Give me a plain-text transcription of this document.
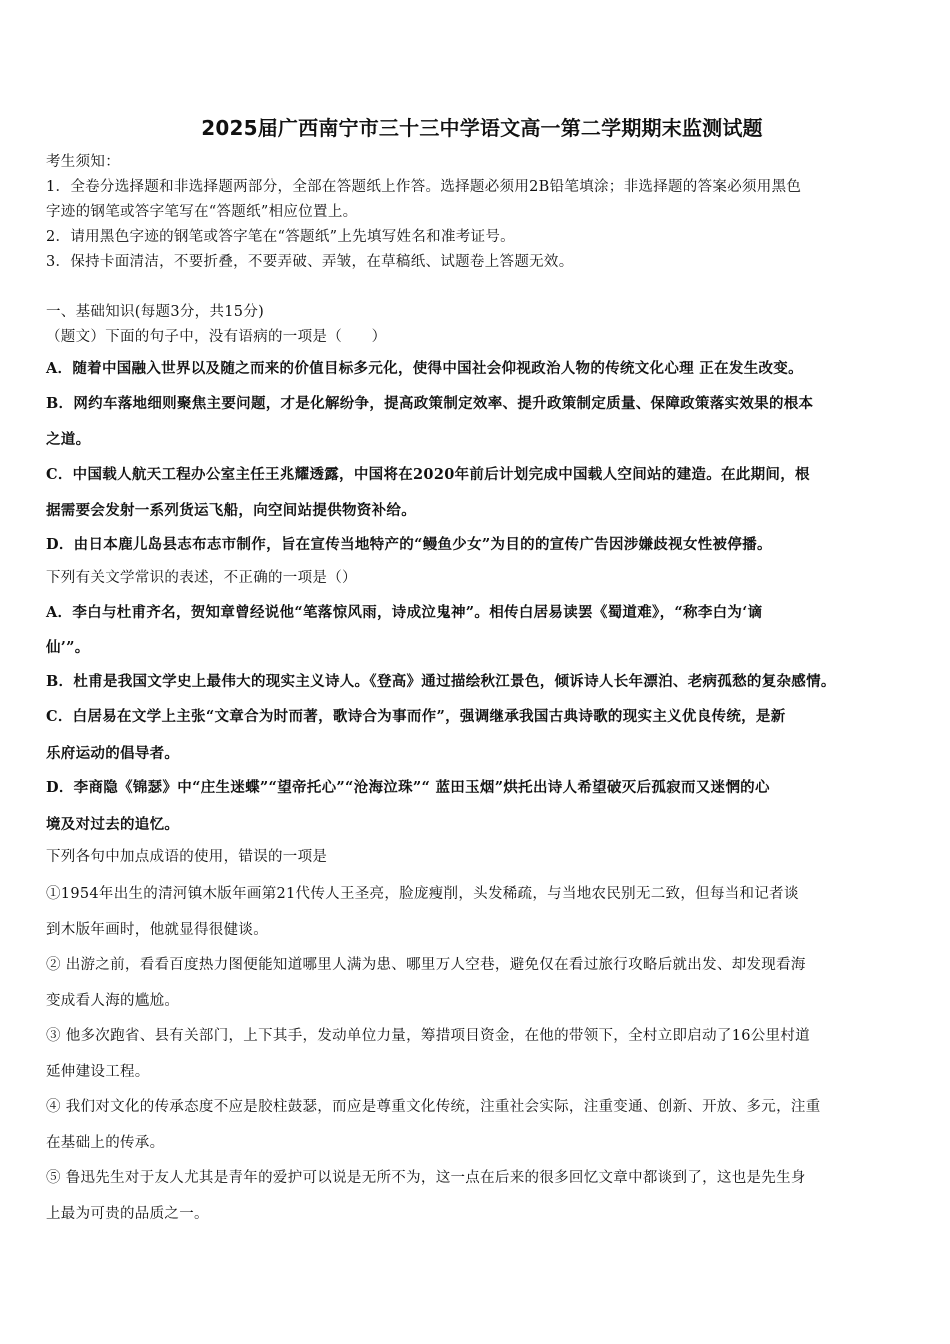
2025届广西南宁市三十三中学语文高一第二学期期末监测试题
考生须知：
1．全卷分选择题和非选择题两部分，全部在答题纸上作答。选择题必须用2B铅笔填涂；非选择题的答案必须用黑色
字迹的钢笔或答字笔写在“答题纸”相应位置上。
2．请用黑色字迹的钢笔或答字笔在“答题纸”上先填写姓名和准考证号。
3．保持卡面清洁，不要折叠，不要弄破、弄皱，在草稿纸、试题卷上答题无效。
一、基础知识(每题3分，共15分)
（题文）下面的句子中，没有语病的一项是（　　）
A．随着中国融入世界以及随之而来的价值目标多元化，使得中国社会仰视政治人物的传统文化心理 正在发生改变。
B．网约车落地细则聚焦主要问题，才是化解纷争，提高政策制定效率、提升政策制定质量、保障政策落实效果的根本
之道。
C．中国载人航天工程办公室主任王兆耀透露，中国将在2020年前后计划完成中国载人空间站的建造。在此期间，根
据需要会发射一系列货运飞船，向空间站提供物资补给。
D．由日本鹿儿岛县志布志市制作，旨在宣传当地特产的“鳗鱼少女”为目的的宣传广告因涉嫌歧视女性被停播。
下列有关文学常识的表述，不正确的一项是（）
A．李白与杜甫齐名，贺知章曾经说他“笔落惊风雨，诗成泣鬼神”。相传白居易读罢《蜀道难》，“称李白为‘谪
仙’”。
B．杜甫是我国文学史上最伟大的现实主义诗人。《登高》通过描绘秋江景色，倾诉诗人长年漂泊、老病孤愁的复杂感情。
C．白居易在文学上主张“文章合为时而著，歌诗合为事而作”，强调继承我国古典诗歌的现实主义优良传统，是新
乐府运动的倡导者。
D．李商隐《锦瑟》中“庄生迷蝶”“望帝托心”“沧海泣珠”“ 蓝田玉烟”烘托出诗人希望破灭后孤寂而又迷惘的心
境及对过去的追忆。
下列各句中加点成语的使用，错误的一项是
①1954年出生的清河镇木版年画第21代传人王圣亮，脸庞瘦削，头发稀疏，与当地农民别无二致，但每当和记者谈
到木版年画时，他就显得很健谈。
② 出游之前，看看百度热力图便能知道哪里人满为患、哪里万人空巷，避免仅在看过旅行攻略后就出发、却发现看海
变成看人海的尴尬。
③ 他多次跑省、县有关部门，上下其手，发动单位力量，筹措项目资金，在他的带领下，全村立即启动了16公里村道
延伸建设工程。
④ 我们对文化的传承态度不应是胶柱鼓瑟，而应是尊重文化传统，注重社会实际，注重变通、创新、开放、多元，注重
在基础上的传承。
⑤ 鲁迅先生对于友人尤其是青年的爱护可以说是无所不为，这一点在后来的很多回忆文章中都谈到了，这也是先生身
上最为可贵的品质之一。
